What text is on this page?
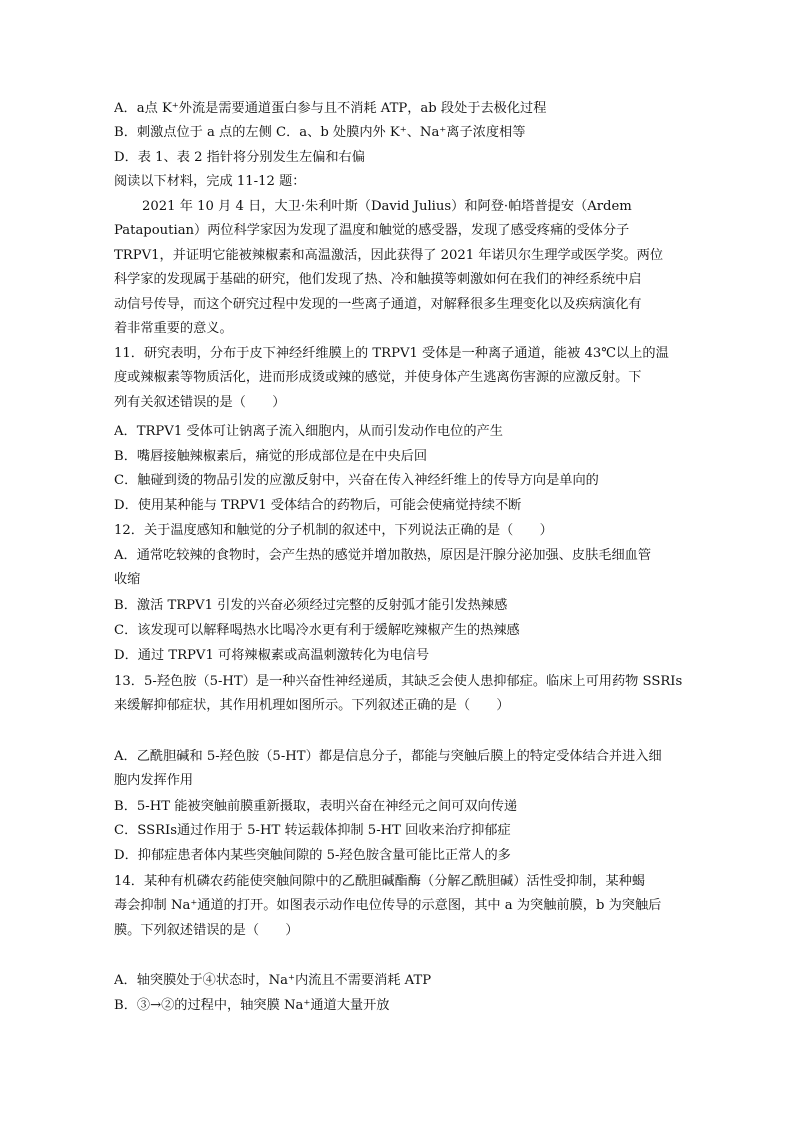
A．a点 K⁺外流是需要通道蛋白参与且不消耗 ATP，ab 段处于去极化过程
B．刺激点位于 a 点的左侧 C．a、b 处膜内外 K⁺、Na⁺离子浓度相等
D．表 1、表 2 指针将分别发生左偏和右偏
阅读以下材料，完成 11-12 题：
2021 年 10 月 4 日，大卫·朱利叶斯（David Julius）和阿登·帕塔普提安（Ardem
Patapoutian）两位科学家因为发现了温度和触觉的感受器，发现了感受疼痛的受体分子
TRPV1，并证明它能被辣椒素和高温激活，因此获得了 2021 年诺贝尔生理学或医学奖。两位
科学家的发现属于基础的研究，他们发现了热、冷和触摸等刺激如何在我们的神经系统中启
动信号传导，而这个研究过程中发现的一些离子通道，对解释很多生理变化以及疾病演化有
着非常重要的意义。
11．研究表明，分布于皮下神经纤维膜上的 TRPV1 受体是一种离子通道，能被 43℃以上的温
度或辣椒素等物质活化，进而形成烫或辣的感觉，并使身体产生逃离伤害源的应激反射。下
列有关叙述错误的是（　　）
A．TRPV1 受体可让钠离子流入细胞内，从而引发动作电位的产生
B．嘴唇接触辣椒素后，痛觉的形成部位是在中央后回
C．触碰到烫的物品引发的应激反射中，兴奋在传入神经纤维上的传导方向是单向的
D．使用某种能与 TRPV1 受体结合的药物后，可能会使痛觉持续不断
12．关于温度感知和触觉的分子机制的叙述中，下列说法正确的是（　　）
A．通常吃较辣的食物时，会产生热的感觉并增加散热，原因是汗腺分泌加强、皮肤毛细血管
收缩
B．激活 TRPV1 引发的兴奋必须经过完整的反射弧才能引发热辣感
C．该发现可以解释喝热水比喝冷水更有利于缓解吃辣椒产生的热辣感
D．通过 TRPV1 可将辣椒素或高温刺激转化为电信号
13．5-羟色胺（5-HT）是一种兴奋性神经递质，其缺乏会使人患抑郁症。临床上可用药物 SSRIs
来缓解抑郁症状，其作用机理如图所示。下列叙述正确的是（　　）
A．乙酰胆碱和 5-羟色胺（5-HT）都是信息分子，都能与突触后膜上的特定受体结合并进入细
胞内发挥作用
B．5-HT 能被突触前膜重新摄取，表明兴奋在神经元之间可双向传递
C．SSRIs通过作用于 5-HT 转运载体抑制 5-HT 回收来治疗抑郁症
D．抑郁症患者体内某些突触间隙的 5-羟色胺含量可能比正常人的多
14．某种有机磷农药能使突触间隙中的乙酰胆碱酯酶（分解乙酰胆碱）活性受抑制，某种蝎
毒会抑制 Na⁺通道的打开。如图表示动作电位传导的示意图，其中 a 为突触前膜，b 为突触后
膜。下列叙述错误的是（　　）
A．轴突膜处于④状态时，Na⁺内流且不需要消耗 ATP
B．③→②的过程中，轴突膜 Na⁺通道大量开放
